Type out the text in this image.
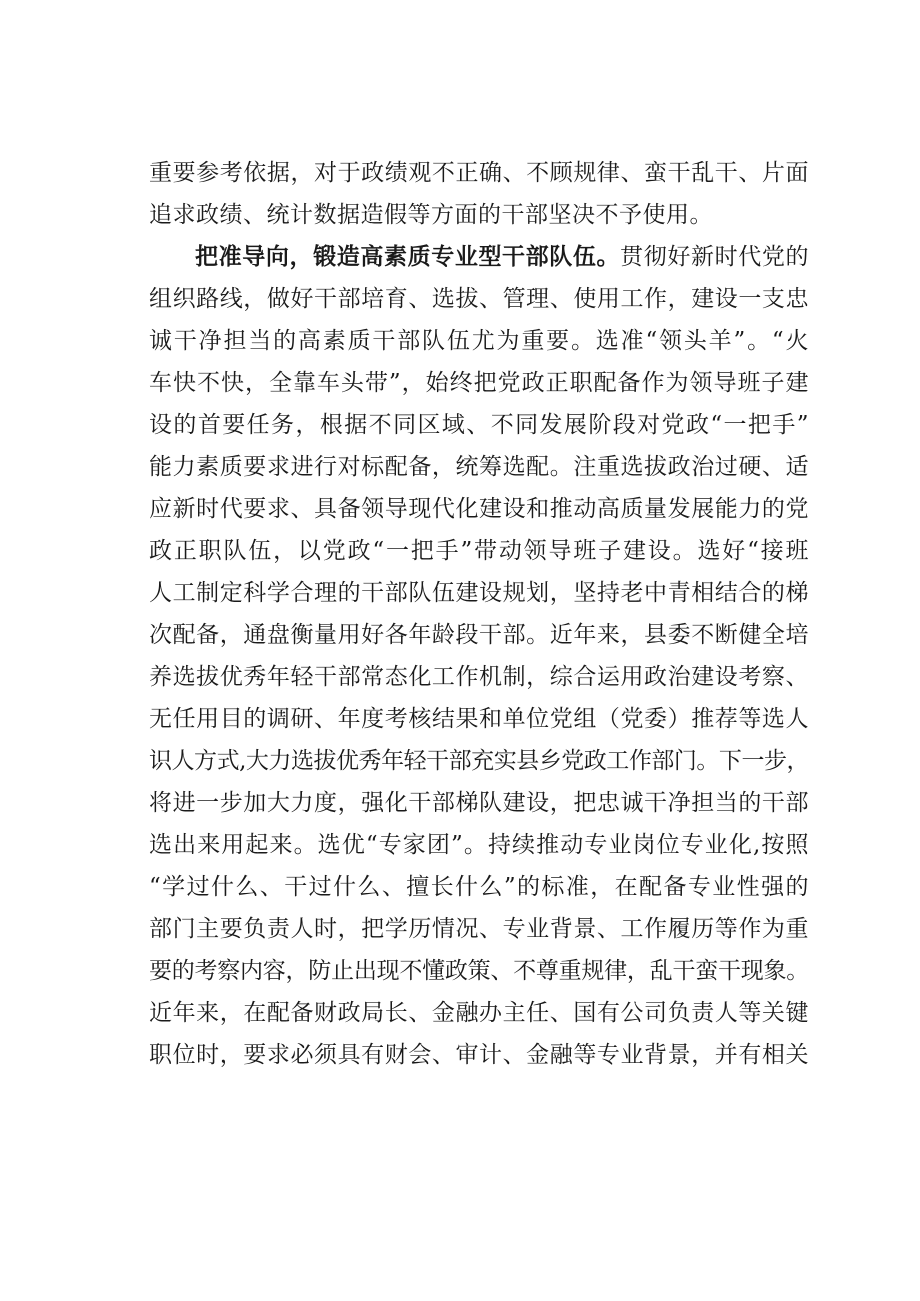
重要参考依据，对于政绩观不正确、不顾规律、蛮干乱干、片面
追求政绩、统计数据造假等方面的干部坚决不予使用。
把准导向，锻造高素质专业型干部队伍。贯彻好新时代党的
组织路线，做好干部培育、选拔、管理、使用工作，建设一支忠
诚干净担当的高素质干部队伍尤为重要。选准“领头羊”。“火
车快不快，全靠车头带”，始终把党政正职配备作为领导班子建
设的首要任务，根据不同区域、不同发展阶段对党政“一把手”
能力素质要求进行对标配备，统筹选配。注重选拔政治过硬、适
应新时代要求、具备领导现代化建设和推动高质量发展能力的党
政正职队伍，以党政“一把手”带动领导班子建设。选好“接班
人工制定科学合理的干部队伍建设规划，坚持老中青相结合的梯
次配备，通盘衡量用好各年龄段干部。近年来，县委不断健全培
养选拔优秀年轻干部常态化工作机制，综合运用政治建设考察、
无任用目的调研、年度考核结果和单位党组（党委）推荐等选人
识人方式,大力选拔优秀年轻干部充实县乡党政工作部门。下一步，
将进一步加大力度，强化干部梯队建设，把忠诚干净担当的干部
选出来用起来。选优“专家团”。持续推动专业岗位专业化,按照
“学过什么、干过什么、擅长什么”的标准，在配备专业性强的
部门主要负责人时，把学历情况、专业背景、工作履历等作为重
要的考察内容，防止出现不懂政策、不尊重规律，乱干蛮干现象。
近年来，在配备财政局长、金融办主任、国有公司负责人等关键
职位时，要求必须具有财会、审计、金融等专业背景，并有相关
